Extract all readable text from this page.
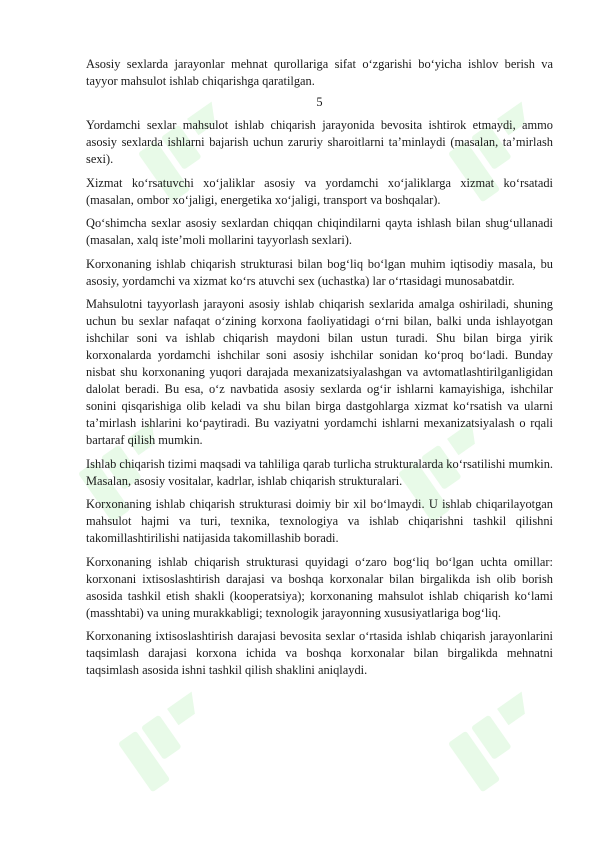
Asosiy sexlarda jarayonlar mehnat qurollariga sifat oʻzgarishi boʻyicha ishlov berish va tayyor mahsulot ishlab chiqarishga qaratilgan.

5

Yordamchi sexlar mahsulot ishlab chiqarish jarayonida bevosita ishtirok etmaydi, ammo asosiy sexlarda ishlarni bajarish uchun zaruriy sharoitlarni taʼminlaydi (masalan, taʼmirlash sexi).

Xizmat koʻrsatuvchi xoʻjaliklar asosiy va yordamchi xoʻjaliklarga xizmat koʻrsatadi (masalan, ombor xoʻjaligi, energetika xoʻjaligi, transport va boshqalar).

Qoʻshimcha sexlar asosiy sexlardan chiqqan chiqindilarni qayta ishlash bilan shugʻullanadi (masalan, xalq isteʼmoli mollarini tayyorlash sexlari).

Korxonaning ishlab chiqarish strukturasi bilan bogʻliq boʻlgan muhim iqtisodiy masala, bu asosiy, yordamchi va xizmat koʻrs atuvchi sex (uchastka) lar oʻrtasidagi munosabatdir.

Mahsulotni tayyorlash jarayoni asosiy ishlab chiqarish sexlarida amalga oshiriladi, shuning uchun bu sexlar nafaqat oʻzining korxona faoliyatidagi oʻrni bilan, balki unda ishlayotgan ishchilar soni va ishlab chiqarish maydoni bilan ustun turadi. Shu bilan birga yirik korxonalarda yordamchi ishchilar soni asosiy ishchilar sonidan koʻproq boʻladi. Bunday nisbat shu korxonaning yuqori darajada mexanizatsiyalashgan va avtomatlashtirilganligidan dalolat beradi. Bu esa, oʻz navbatida asosiy sexlarda ogʻir ishlarni kamayishiga, ishchilar sonini qisqarishiga olib keladi va shu bilan birga dastgohlarga xizmat koʻrsatish va ularni taʼmirlash ishlarini koʻpaytiradi. Bu vaziyatni yordamchi ishlarni mexanizatsiyalash o rqali bartaraf qilish mumkin.

Ishlab chiqarish tizimi maqsadi va tahliliga qarab turlicha strukturalarda koʻrsatilishi mumkin. Masalan, asosiy vositalar, kadrlar, ishlab chiqarish strukturalari.

Korxonaning ishlab chiqarish strukturasi doimiy bir xil boʻlmaydi. U ishlab chiqarilayotgan mahsulot hajmi va turi, texnika, texnologiya va ishlab chiqarishni tashkil qilishni takomillashtirilishi natijasida takomillashib boradi.

Korxonaning ishlab chiqarish strukturasi quyidagi oʻzaro bogʻliq boʻlgan uchta omillar: korxonani ixtisoslashtirish darajasi va boshqa korxonalar bilan birgalikda ish olib borish asosida tashkil etish shakli (kooperatsiya); korxonaning mahsulot ishlab chiqarish koʻlami (masshtabi) va uning murakkabligi; texnologik jarayonning xususiyatlariga bogʻliq.

Korxonaning ixtisoslashtirish darajasi bevosita sexlar oʻrtasida ishlab chiqarish jarayonlarini taqsimlash darajasi korxona ichida va boshqa korxonalar bilan birgalikda mehnatni taqsimlash asosida ishni tashkil qilish shaklini aniqlaydi.
